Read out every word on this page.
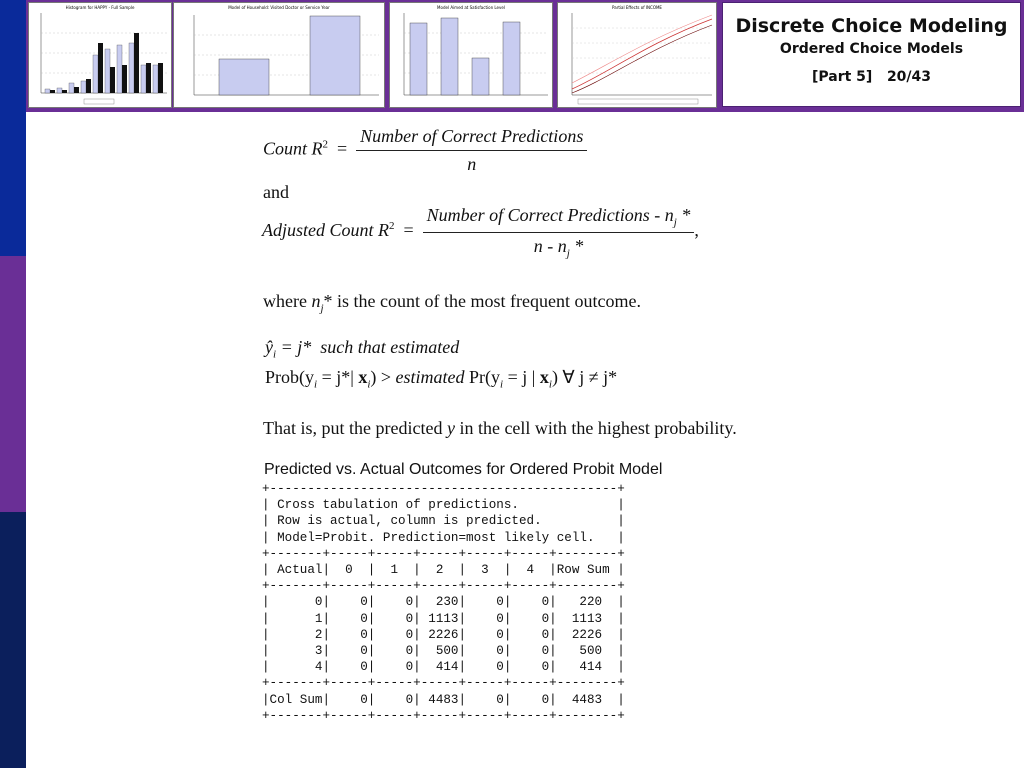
Histogram for HAPPY - Full Sample	Model of Household: Visited Doctor or Service Year	Model Aimed at Satisfaction Level	Partial Effects of INCOME
Discrete Choice Modeling
Ordered Choice Models
[Part 5] 20/43
Count $R^2 = \frac{\text{Number of Correct Predictions}}{n}$
and
Adjusted Count $R^2 = \frac{Number of Correct Predictions - n_j *}{n - n_j *}$ ,
where $n_j*$ is the count of the most frequent outcome.
$ŷ_i = j*$ such that estimated
$Prob(y_i = j*|$ $x_i$) > estimated $Pr(y_i = j$ | $x_i$) ∀ j ≠ j*
That is, put the predicted y in the cell with the highest probability.
Predicted vs. Actual Outcomes for Ordered Probit Model
+----------------------------------------------+
| Cross tabulation of predictions.             |
| Row is actual, column is predicted.          |
| Model=Probit. Prediction=most likely cell.   |
+-------+-----+-----+-----+-----+-----+--------+
| Actual|  0  |  1  |  2  |  3  |  4  |Row Sum |
+-------+-----+-----+-----+-----+-----+--------+
|      0|    0|    0|  230|    0|    0|   220  |
|      1|    0|    0| 1113|    0|    0|  1113  |
|      2|    0|    0| 2226|    0|    0|  2226  |
|      3|    0|    0|  500|    0|    0|   500  |
|      4|    0|    0|  414|    0|    0|   414  |
+-------+-----+-----+-----+-----+-----+--------+
|Col Sum|    0|    0| 4483|    0|    0|  4483  |
+-------+-----+-----+-----+-----+-----+--------+
